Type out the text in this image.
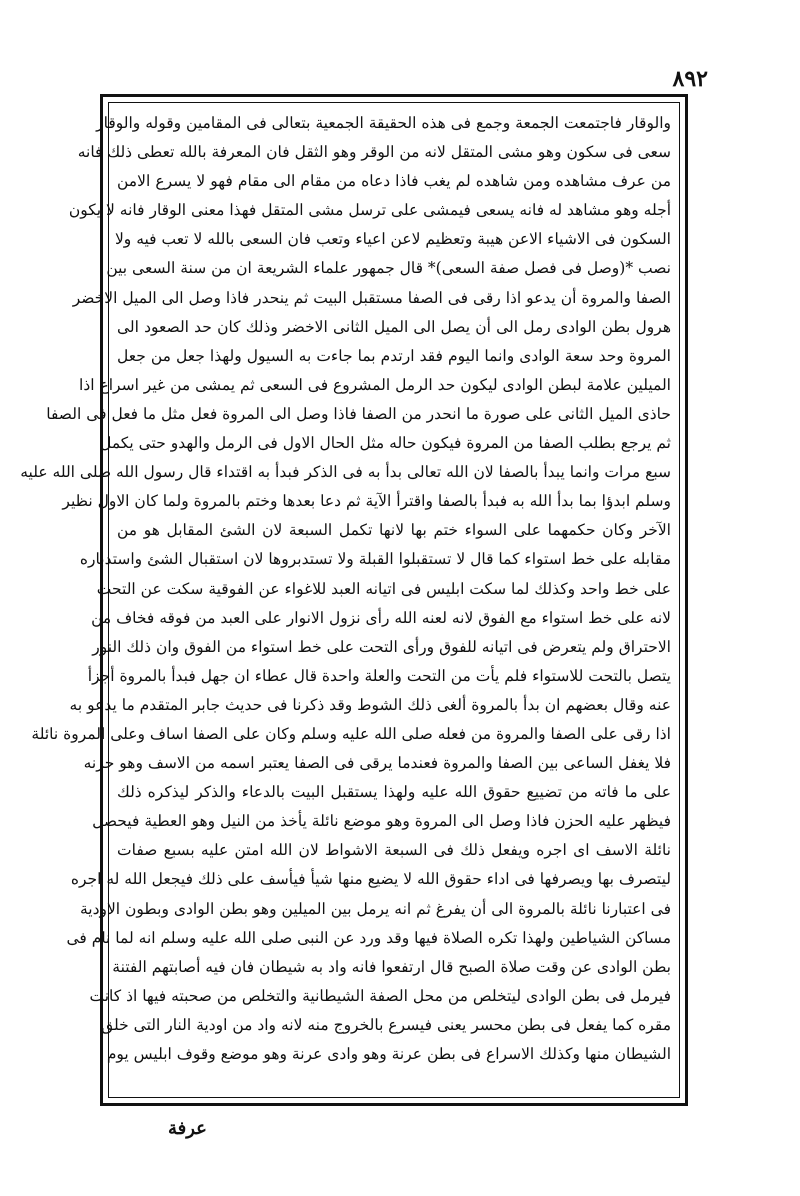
٨٩٢
والوقار فاجتمعت الجمعة وجمع فى هذه الحقيقة الجمعية بتعالى فى المقامين وقوله والوقار
سعى فى سكون وهو مشى المتقل لانه من الوقر وهو الثقل فان المعرفة بالله تعطى ذلك فانه
من عرف مشاهده ومن شاهده لم يغب فاذا دعاه من مقام الى مقام فهو لا يسرع الامن
أجله وهو مشاهد له فانه يسعى فيمشى على ترسل مشى المتقل فهذا معنى الوقار فانه لا يكون
السكون فى الاشياء الاعن هيبة وتعظيم لاعن اعياء وتعب فان السعى بالله لا تعب فيه ولا
نصب *(وصل فى فصل صفة السعى)* قال جمهور علماء الشريعة ان من سنة السعى بين
الصفا والمروة أن يدعو اذا رقى فى الصفا مستقبل البيت ثم ينحدر فاذا وصل الى الميل الاخضر
هرول بطن الوادى رمل الى أن يصل الى الميل الثانى الاخضر وذلك كان حد الصعود الى
المروة وحد سعة الوادى وانما اليوم فقد ارتدم بما جاءت به السيول ولهذا جعل من جعل
الميلين علامة لبطن الوادى ليكون حد الرمل المشروع فى السعى ثم يمشى من غير اسراع اذا
حاذى الميل الثانى على صورة ما انحدر من الصفا فاذا وصل الى المروة فعل مثل ما فعل فى الصفا
ثم يرجع بطلب الصفا من المروة فيكون حاله مثل الحال الاول فى الرمل والهدو حتى يكمل
سبع مرات وانما يبدأ بالصفا لان الله تعالى بدأ به فى الذكر فبدأ به اقتداء قال رسول الله صلى الله عليه
وسلم ابدؤا بما بدأ الله به فبدأ بالصفا واقترأ الآية ثم دعا بعدها وختم بالمروة ولما كان الاول نظير
الآخر وكان حكمهما على السواء ختم بها لانها تكمل السبعة لان الشئ المقابل هو من
مقابله على خط استواء كما قال لا تستقبلوا القبلة ولا تستدبروها لان استقبال الشئ واستدباره
على خط واحد وكذلك لما سكت ابليس فى اتيانه العبد للاغواء عن الفوقية سكت عن التحت
لانه على خط استواء مع الفوق لانه لعنه الله رأى نزول الانوار على العبد من فوقه فخاف من
الاحتراق ولم يتعرض فى اتيانه للفوق ورأى التحت على خط استواء من الفوق وان ذلك النور
يتصل بالتحت للاستواء فلم يأت من التحت والعلة واحدة قال عطاء ان جهل فبدأ بالمروة أجزأ
عنه وقال بعضهم ان بدأ بالمروة ألغى ذلك الشوط وقد ذكرنا فى حديث جابر المتقدم ما يدعو به
اذا رقى على الصفا والمروة من فعله صلى الله عليه وسلم وكان على الصفا اساف وعلى المروة نائلة
فلا يغفل الساعى بين الصفا والمروة فعندما يرقى فى الصفا يعتبر اسمه من الاسف وهو حزنه
على ما فاته من تضييع حقوق الله عليه ولهذا يستقبل البيت بالدعاء والذكر ليذكره ذلك
فيظهر عليه الحزن فاذا وصل الى المروة وهو موضع نائلة يأخذ من النيل وهو العطية فيحصل
نائلة الاسف اى اجره ويفعل ذلك فى السبعة الاشواط لان الله امتن عليه بسبع صفات
ليتصرف بها ويصرفها فى اداء حقوق الله لا يضيع منها شيأ فيأسف على ذلك فيجعل الله له اجره
فى اعتبارنا نائلة بالمروة الى أن يفرغ ثم انه يرمل بين الميلين وهو بطن الوادى وبطون الاودية
مساكن الشياطين ولهذا تكره الصلاة فيها وقد ورد عن النبى صلى الله عليه وسلم انه لما نام فى
بطن الوادى عن وقت صلاة الصبح قال ارتفعوا فانه واد به شيطان فان فيه أصابتهم الفتنة
فيرمل فى بطن الوادى ليتخلص من محل الصفة الشيطانية والتخلص من صحبته فيها اذ كانت
مقره كما يفعل فى بطن محسر يعنى فيسرع بالخروج منه لانه واد من اودية النار التى خلق
الشيطان منها وكذلك الاسراع فى بطن عرنة وهو وادى عرنة وهو موضع وقوف ابليس يوم
عرفة
